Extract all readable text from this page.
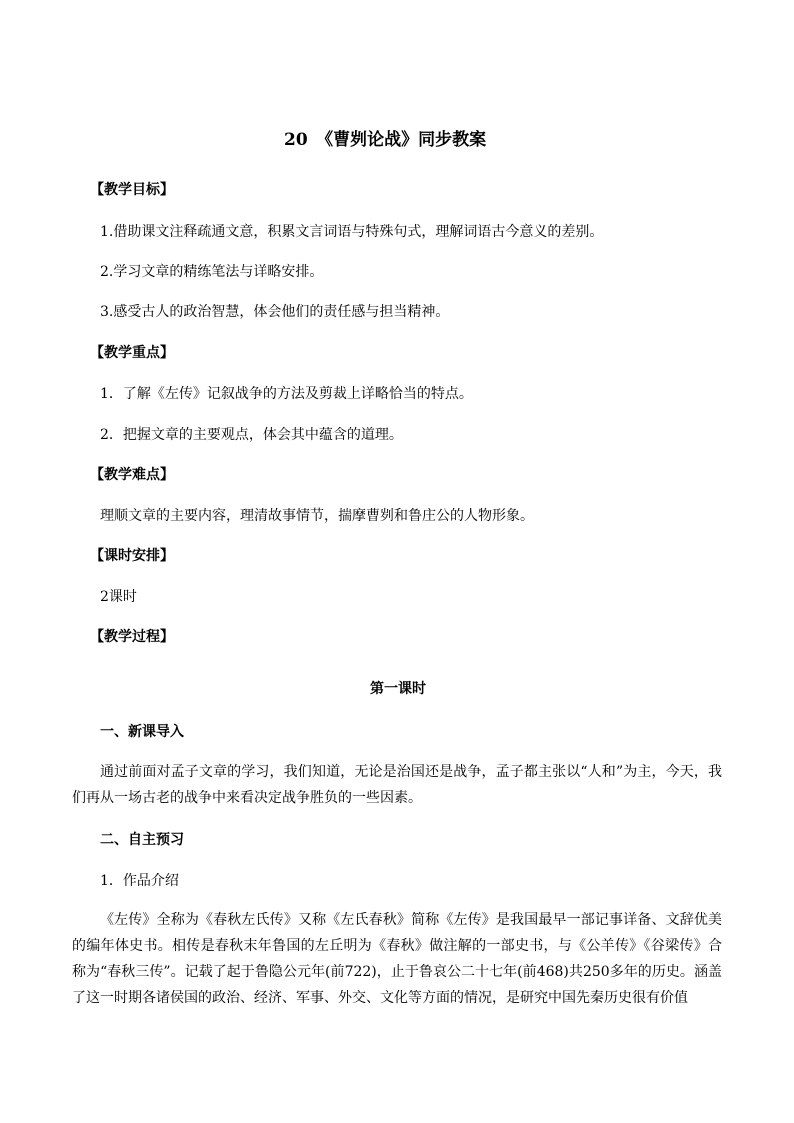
20　《曹刿论战》同步教案
【教学目标】
1.借助课文注释疏通文意，积累文言词语与特殊句式，理解词语古今意义的差别。
2.学习文章的精练笔法与详略安排。
3.感受古人的政治智慧，体会他们的责任感与担当精神。
【教学重点】
1．了解《左传》记叙战争的方法及剪裁上详略恰当的特点。
2．把握文章的主要观点，体会其中蕴含的道理。
【教学难点】
理顺文章的主要内容，理清故事情节，揣摩曹刿和鲁庄公的人物形象。
【课时安排】
2课时
【教学过程】
第一课时
一、新课导入

通过前面对孟子文章的学习，我们知道，无论是治国还是战争，孟子都主张以“人和”为主，今天，我们再从一场古老的战争中来看决定战争胜负的一些因素。

二、自主预习
1．作品介绍

《左传》全称为《春秋左氏传》又称《左氏春秋》简称《左传》是我国最早一部记事详备、文辞优美的编年体史书。相传是春秋末年鲁国的左丘明为《春秋》做注解的一部史书，与《公羊传》《谷梁传》合称为“春秋三传”。记载了起于鲁隐公元年(前722)，止于鲁哀公二十七年(前468)共250多年的历史。涵盖了这一时期各诸侯国的政治、经济、军事、外交、文化等方面的情况，是研究中国先秦历史很有价值
